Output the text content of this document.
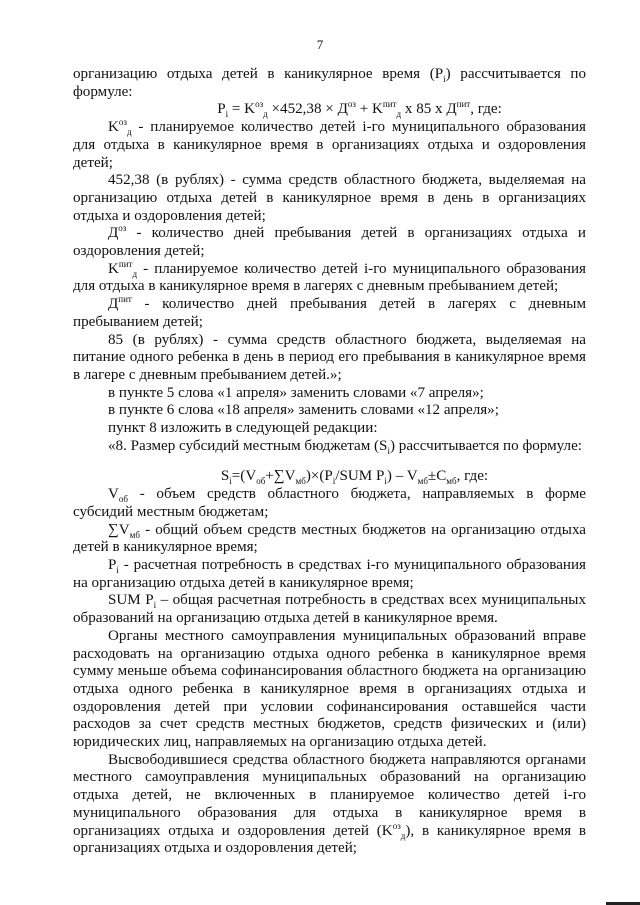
7

организацию отдыха детей в каникулярное время $(P_i)$ рассчитывается по формуле:

$P_i = K^{оз}_д \times 452,38 \times Д^{оз} + K^{пит}_д$ x 85 x $Д^{пит}$, где:

$K^{оз}_д$ - планируемое количество детей i-го муниципального образования для отдыха в каникулярное время в организациях отдыха и оздоровления детей;

452,38 (в рублях) - сумма средств областного бюджета, выделяемая на организацию отдыха детей в каникулярное время в день в организациях отдыха и оздоровления детей;

$Д^{оз}$ - количество дней пребывания детей в организациях отдыха и оздоровления детей;

$K^{пит}_д$ - планируемое количество детей i-го муниципального образования для отдыха в каникулярное время в лагерях с дневным пребыванием детей;

$Д^{пит}$ - количество дней пребывания детей в лагерях с дневным пребыванием детей;

85 (в рублях) - сумма средств областного бюджета, выделяемая на питание одного ребенка в день в период его пребывания в каникулярное время в лагере с дневным пребыванием детей.»;

в пункте 5 слова «1 апреля» заменить словами «7 апреля»;

в пункте 6 слова «18 апреля» заменить словами «12 апреля»;

пункт 8 изложить в следующей редакции:

«8. Размер субсидий местным бюджетам $(S_i)$ рассчитывается по формуле:

$S_i=(V_{об}+\sum V_{мб})\times(P_i$/SUM $P_i) - V_{мб}\pm C_{мб}$, где:

$V_{об}$ - объем средств областного бюджета, направляемых в форме субсидий местным бюджетам;

$\sum V_{мб}$ - общий объем средств местных бюджетов на организацию отдыха детей в каникулярное время;

$P_i$ - расчетная потребность в средствах i-го муниципального образования на организацию отдыха детей в каникулярное время;

SUM $P_i$ – общая расчетная потребность в средствах всех муниципальных образований на организацию отдыха детей в каникулярное время.

Органы местного самоуправления муниципальных образований вправе расходовать на организацию отдыха одного ребенка в каникулярное время сумму меньше объема софинансирования областного бюджета на организацию отдыха одного ребенка в каникулярное время в организациях отдыха и оздоровления детей при условии софинансирования оставшейся части расходов за счет средств местных бюджетов, средств физических и (или) юридических лиц, направляемых на организацию отдыха детей.

Высвободившиеся средства областного бюджета направляются органами местного самоуправления муниципальных образований на организацию отдыха детей, не включенных в планируемое количество детей i-го муниципального образования для отдыха в каникулярное время в организациях отдыха и оздоровления детей $(K^{оз}_д)$, в каникулярное время в организациях отдыха и оздоровления детей;
